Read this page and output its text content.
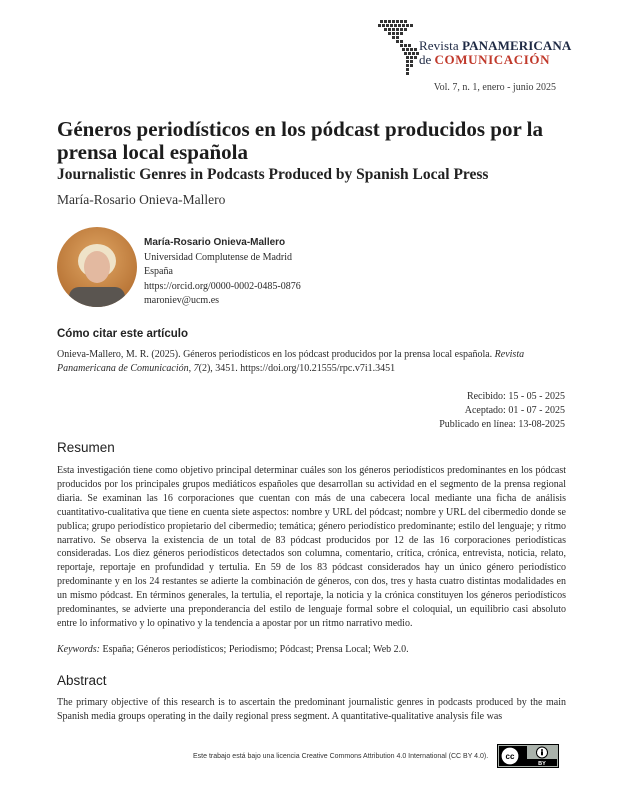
Revista PANAMERICANA
de COMUNICACIÓN
Vol. 7, n. 1, enero - junio 2025
Géneros periodísticos en los pódcast producidos por la prensa local española
Journalistic Genres in Podcasts Produced by Spanish Local Press
María-Rosario Onieva-Mallero
María-Rosario Onieva-Mallero
Universidad Complutense de Madrid
España
https://orcid.org/0000-0002-0485-0876
maroniev@ucm.es
Cómo citar este artículo
Onieva-Mallero, M. R. (2025). Géneros periodísticos en los pódcast producidos por la prensa local española. Revista Panamericana de Comunicación, 7(2), 3451. https://doi.org/10.21555/rpc.v7i1.3451
Recibido: 15 - 05 - 2025
Aceptado: 01 - 07 - 2025
Publicado en línea: 13-08-2025
Resumen
Esta investigación tiene como objetivo principal determinar cuáles son los géneros periodísticos predominantes en los pódcast producidos por los principales grupos mediáticos españoles que desarrollan su actividad en el segmento de la prensa regional diaria. Se examinan las 16 corporaciones que cuentan con más de una cabecera local mediante una ficha de análisis cuantitativo-cualitativa que tiene en cuenta siete aspectos: nombre y URL del pódcast; nombre y URL del cibermedio donde se publica; grupo periodístico propietario del cibermedio; temática; género periodístico predominante; estilo del lenguaje; y ritmo narrativo. Se observa la existencia de un total de 83 pódcast producidos por 12 de las 16 corporaciones periodísticas consideradas. Los diez géneros periodísticos detectados son columna, comentario, crítica, crónica, entrevista, noticia, relato, reportaje, reportaje en profundidad y tertulia. En 59 de los 83 pódcast considerados hay un único género periodístico predominante y en los 24 restantes se adierte la combinación de géneros, con dos, tres y hasta cuatro distintas modalidades en un mismo pódcast. En términos generales, la tertulia, el reportaje, la noticia y la crónica constituyen los géneros periodísticos predominantes, se advierte una preponderancia del estilo de lenguaje formal sobre el coloquial, un equilibrio casi absoluto entre lo informativo y lo opinativo y la tendencia a apostar por un ritmo narrativo medio.
Keywords: España; Géneros periodísticos; Periodismo; Pódcast; Prensa Local; Web 2.0.
Abstract
The primary objective of this research is to ascertain the predominant journalistic genres in podcasts produced by the main Spanish media groups operating in the daily regional press segment. A quantitative-qualitative analysis file was
Este trabajo está bajo una licencia Creative Commons Attribution 4.0 International (CC BY 4.0). cc
BY
